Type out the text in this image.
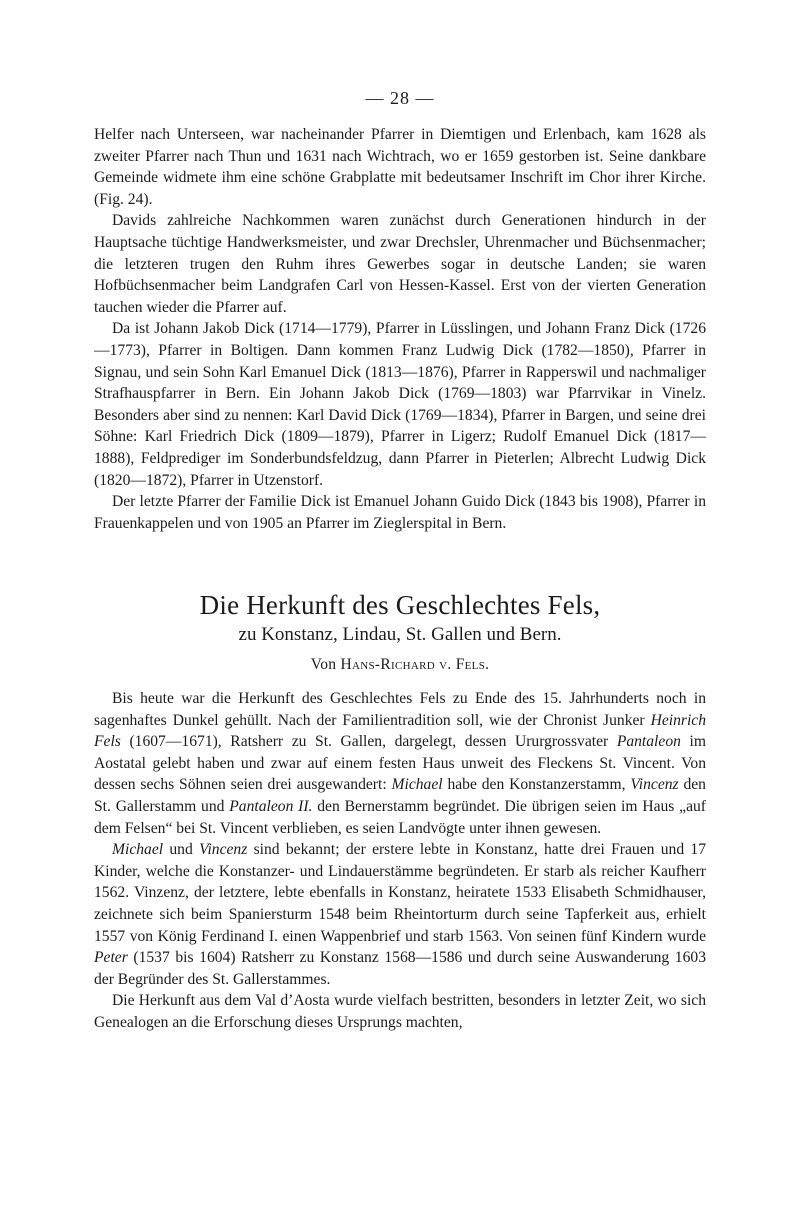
— 28 —

Helfer nach Unterseen, war nacheinander Pfarrer in Diemtigen und Erlenbach, kam 1628 als zweiter Pfarrer nach Thun und 1631 nach Wichtrach, wo er 1659 gestorben ist. Seine dankbare Gemeinde widmete ihm eine schöne Grabplatte mit bedeutsamer Inschrift im Chor ihrer Kirche. (Fig. 24).

Davids zahlreiche Nachkommen waren zunächst durch Generationen hindurch in der Hauptsache tüchtige Handwerksmeister, und zwar Drechsler, Uhrenmacher und Büchsenmacher; die letzteren trugen den Ruhm ihres Gewerbes sogar in deutsche Landen; sie waren Hofbüchsenmacher beim Landgrafen Carl von Hessen-Kassel. Erst von der vierten Generation tauchen wieder die Pfarrer auf.

Da ist Johann Jakob Dick (1714—1779), Pfarrer in Lüsslingen, und Johann Franz Dick (1726—1773), Pfarrer in Boltigen. Dann kommen Franz Ludwig Dick (1782—1850), Pfarrer in Signau, und sein Sohn Karl Emanuel Dick (1813—1876), Pfarrer in Rapperswil und nachmaliger Strafhauspfarrer in Bern. Ein Johann Jakob Dick (1769—1803) war Pfarrvikar in Vinelz. Besonders aber sind zu nennen: Karl David Dick (1769—1834), Pfarrer in Bargen, und seine drei Söhne: Karl Friedrich Dick (1809—1879), Pfarrer in Ligerz; Rudolf Emanuel Dick (1817—1888), Feldprediger im Sonderbundsfeldzug, dann Pfarrer in Pieterlen; Albrecht Ludwig Dick (1820—1872), Pfarrer in Utzenstorf.

Der letzte Pfarrer der Familie Dick ist Emanuel Johann Guido Dick (1843 bis 1908), Pfarrer in Frauenkappelen und von 1905 an Pfarrer im Zieglerspital in Bern.

Die Herkunft des Geschlechtes Fels,
zu Konstanz, Lindau, St. Gallen und Bern.
Von Hans-Richard v. Fels.

Bis heute war die Herkunft des Geschlechtes Fels zu Ende des 15. Jahrhunderts noch in sagenhaftes Dunkel gehüllt. Nach der Familientradition soll, wie der Chronist Junker Heinrich Fels (1607—1671), Ratsherr zu St. Gallen, dargelegt, dessen Ururgrossvater Pantaleon im Aostatal gelebt haben und zwar auf einem festen Haus unweit des Fleckens St. Vincent. Von dessen sechs Söhnen seien drei ausgewandert: Michael habe den Konstanzerstamm, Vincenz den St. Gallerstamm und Pantaleon II. den Bernerstamm begründet. Die übrigen seien im Haus „auf dem Felsen“ bei St. Vincent verblieben, es seien Landvögte unter ihnen gewesen.

Michael und Vincenz sind bekannt; der erstere lebte in Konstanz, hatte drei Frauen und 17 Kinder, welche die Konstanzer- und Lindauerstämme begründeten. Er starb als reicher Kaufherr 1562. Vinzenz, der letztere, lebte ebenfalls in Konstanz, heiratete 1533 Elisabeth Schmidhauser, zeichnete sich beim Spaniersturm 1548 beim Rheintorturm durch seine Tapferkeit aus, erhielt 1557 von König Ferdinand I. einen Wappenbrief und starb 1563. Von seinen fünf Kindern wurde Peter (1537 bis 1604) Ratsherr zu Konstanz 1568—1586 und durch seine Auswanderung 1603 der Begründer des St. Gallerstammes.

Die Herkunft aus dem Val d’Aosta wurde vielfach bestritten, besonders in letzter Zeit, wo sich Genealogen an die Erforschung dieses Ursprungs machten,
